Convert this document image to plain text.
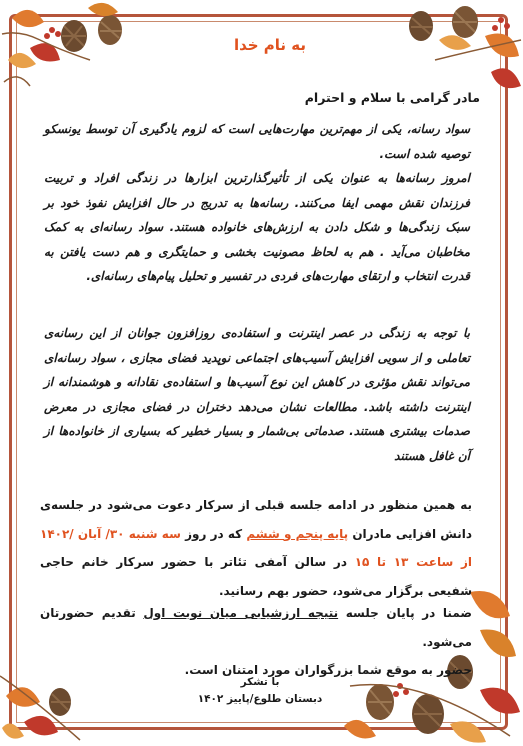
به نام خدا
مادر گرامی با سلام و احترام
سواد رسانه، یکی از مهم‌ترین مهارت‌هایی است که لزوم یادگیری آن توسط یونسکو توصیه شده است.
امروز رسانه‌ها به عنوان یکی از تأثیرگذارترین ابزارها در زندگی افراد و تربیت فرزندان نقش مهمی ایفا می‌کنند. رسانه‌ها به تدریج در حال افزایش نفوذ خود بر سبک زندگی‌ها و شکل دادن به ارزش‌های خانواده هستند. سواد رسانه‌ای به کمک مخاطبان می‌آید . هم به لحاظ مصونیت بخشی و حمایتگری و هم دست یافتن به قدرت انتخاب و ارتقای مهارت‌های فردی در تفسیر و تحلیل پیام‌های رسانه‌ای.
با توجه به زندگی در عصر اینترنت و استفاده‌ی روزافزون جوانان از این رسانه‌ی تعاملی و از سویی افزایش آسیب‌های اجتماعی نوپدید فضای مجازی ، سواد رسانه‌ای می‌تواند نقش مؤثری در کاهش این نوع آسیب‌ها و استفاده‌ی نقادانه و هوشمندانه از اینترنت داشته باشد. مطالعات نشان می‌دهد دختران در فضای مجازی در معرض صدمات بیشتری هستند. صدماتی بی‌شمار و بسیار خطیر که بسیاری از خانواده‌ها از آن غافل هستند
به همین منظور در ادامه جلسه قبلی از سرکار دعوت می‌شود در جلسه‌ی دانش افزایی مادران پایه پنجم و ششم که در روز سه شنبه ۳۰/ آبان /۱۴۰۲ از ساعت ۱۳ تا ۱۵ در سالن آمفی تئاتر با حضور سرکار خانم حاجی شفیعی برگزار می‌شود، حضور بهم رسانید.
ضمنا در پایان جلسه نتیجه ارزشیابی میان نوبت اول تقدیم حضورتان می‌شود.
حضور به موقع شما بزرگواران مورد امتنان است.
با تشکر
دبستان طلوع/پاییز ۱۴۰۲
